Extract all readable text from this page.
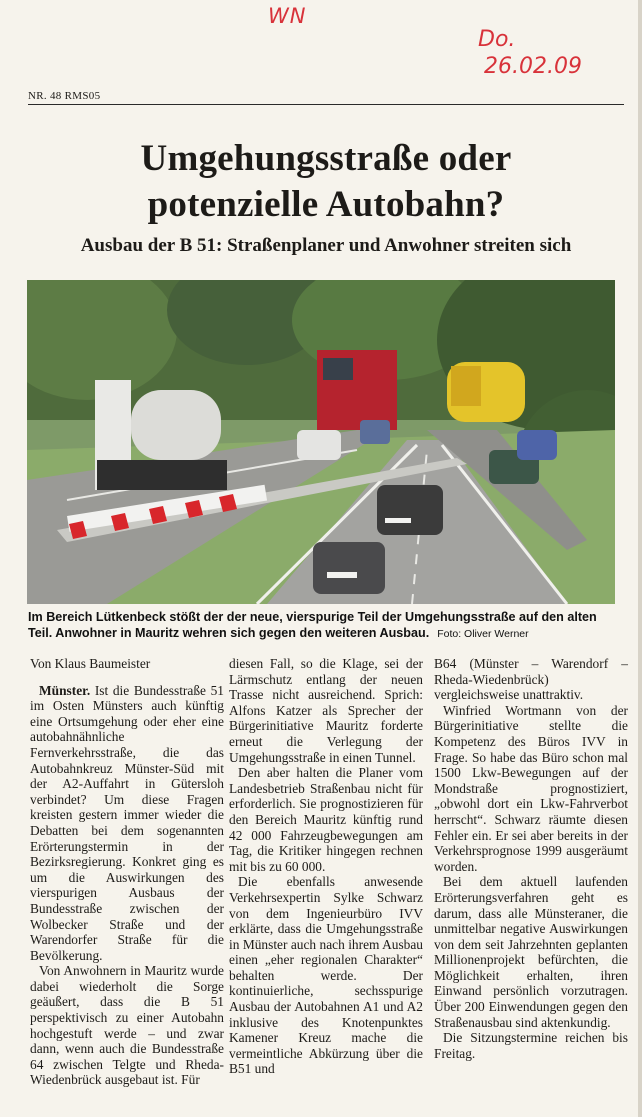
WN
Do.
26.02.09
NR. 48 RMS05
Umgehungsstraße oder
potenzielle Autobahn?
Ausbau der B 51: Straßenplaner und Anwohner streiten sich
Im Bereich Lütkenbeck stößt der der neue, vierspurige Teil der Umgehungsstraße auf den alten Teil. Anwohner in Mauritz wehren sich gegen den weiteren Ausbau. Foto: Oliver Werner

Von Klaus Baumeister

Münster. Ist die Bundesstraße 51 im Osten Münsters auch künftig eine Ortsumgehung oder eher eine autobahnähnliche Fernverkehrsstraße, die das Autobahnkreuz Münster-Süd mit der A2-Auffahrt in Gütersloh verbindet? Um diese Fragen kreisten gestern immer wieder die Debatten bei dem sogenannten Erörterungstermin in der Bezirksregierung. Konkret ging es um die Auswirkungen des vierspurigen Ausbaus der Bundesstraße zwischen der Wolbecker Straße und der Warendorfer Straße für die Bevölkerung.

Von Anwohnern in Mauritz wurde dabei wiederholt die Sorge geäußert, dass die B 51 perspektivisch zu einer Autobahn hochgestuft werde – und zwar dann, wenn auch die Bundesstraße 64 zwischen Telgte und Rheda-Wiedenbrück ausgebaut ist. Für

diesen Fall, so die Klage, sei der Lärmschutz entlang der neuen Trasse nicht ausreichend. Sprich: Alfons Katzer als Sprecher der Bürgerinitiative Mauritz forderte erneut die Verlegung der Umgehungsstraße in einen Tunnel.

Den aber halten die Planer vom Landesbetrieb Straßenbau nicht für erforderlich. Sie prognostizieren für den Bereich Mauritz künftig rund 42 000 Fahrzeugbewegungen am Tag, die Kritiker hingegen rechnen mit bis zu 60 000.

Die ebenfalls anwesende Verkehrsexpertin Sylke Schwarz von dem Ingenieurbüro IVV erklärte, dass die Umgehungsstraße in Münster auch nach ihrem Ausbau einen „eher regionalen Charakter“ behalten werde. Der kontinuierliche, sechsspurige Ausbau der Autobahnen A1 und A2 inklusive des Knotenpunktes Kamener Kreuz mache die vermeintliche Abkürzung über die B51 und

B64 (Münster – Warendorf – Rheda-Wiedenbrück) vergleichsweise unattraktiv.

Winfried Wortmann von der Bürgerinitiative stellte die Kompetenz des Büros IVV in Frage. So habe das Büro schon mal 1500 Lkw-Bewegungen auf der Mondstraße prognostiziert, „obwohl dort ein Lkw-Fahrverbot herrscht“. Schwarz räumte diesen Fehler ein. Er sei aber bereits in der Verkehrsprognose 1999 ausgeräumt worden.

Bei dem aktuell laufenden Erörterungsverfahren geht es darum, dass alle Münsteraner, die unmittelbar negative Auswirkungen von dem seit Jahrzehnten geplanten Millionenprojekt befürchten, die Möglichkeit erhalten, ihren Einwand persönlich vorzutragen. Über 200 Einwendungen gegen den Straßenausbau sind aktenkundig.

Die Sitzungstermine reichen bis Freitag.
